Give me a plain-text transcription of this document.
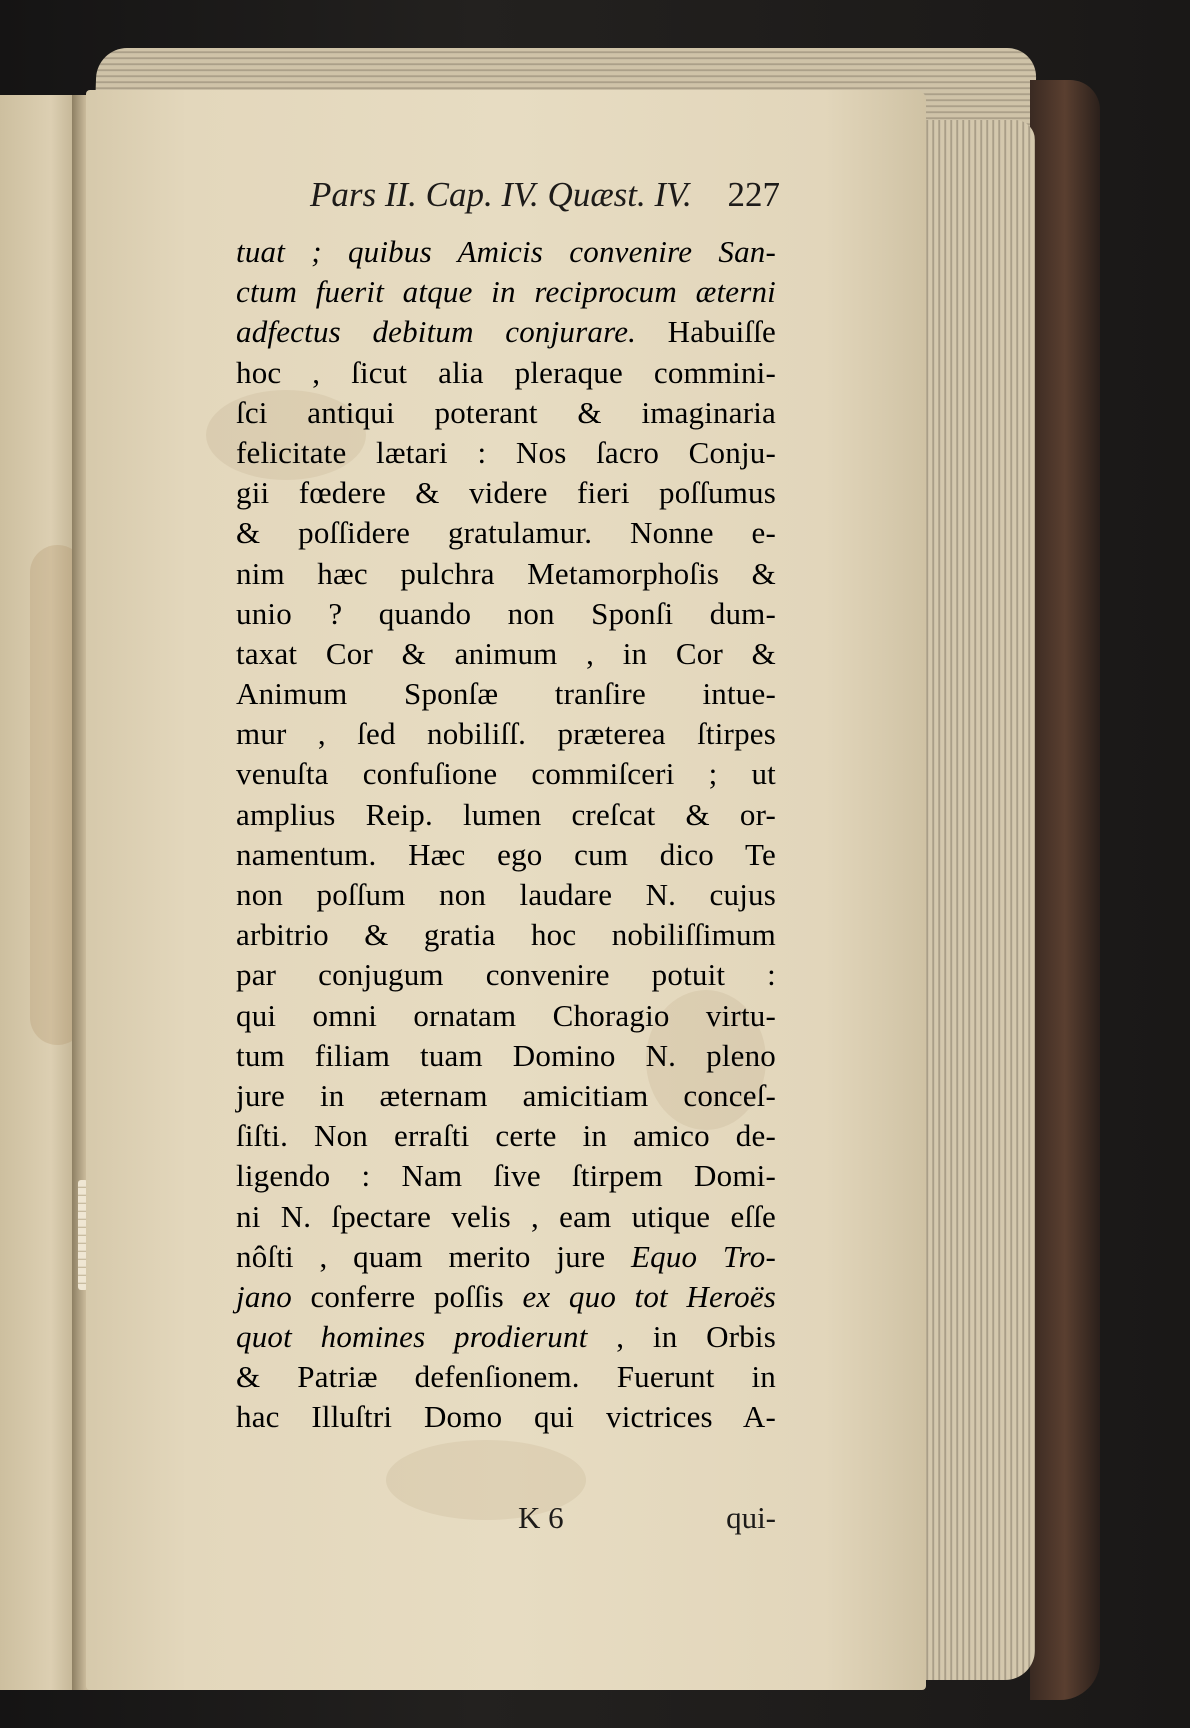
Pars II. Cap. IV. Quæst. IV. 227
tuat ; quibus Amicis convenire San-
ctum fuerit atque in reciprocum æterni
adfectus debitum conjurare. Habuiſſe
hoc , ſicut alia pleraque commini-
ſci antiqui poterant & imaginaria
felicitate lætari : Nos ſacro Conju-
gii fœdere & videre fieri poſſumus
& poſſidere gratulamur. Nonne e-
nim hæc pulchra Metamorphoſis &
unio ? quando non Sponſi dum-
taxat Cor & animum , in Cor &
Animum Sponſæ tranſire intue-
mur , ſed nobiliſſ. præterea ſtirpes
venuſta confuſione commiſceri ; ut
amplius Reip. lumen creſcat & or-
namentum. Hæc ego cum dico Te
non poſſum non laudare N. cujus
arbitrio & gratia hoc nobiliſſimum
par conjugum convenire potuit :
qui omni ornatam Choragio virtu-
tum filiam tuam Domino N. pleno
jure in æternam amicitiam conceſ-
ſiſti. Non erraſti certe in amico de-
ligendo : Nam ſive ſtirpem Domi-
ni N. ſpectare velis , eam utique eſſe
nôſti , quam merito jure Equo Tro-
jano conferre poſſis ex quo tot Heroës
quot homines prodierunt , in Orbis
& Patriæ defenſionem. Fuerunt in
hac Illuſtri Domo qui victrices A-
K 6	qui-
